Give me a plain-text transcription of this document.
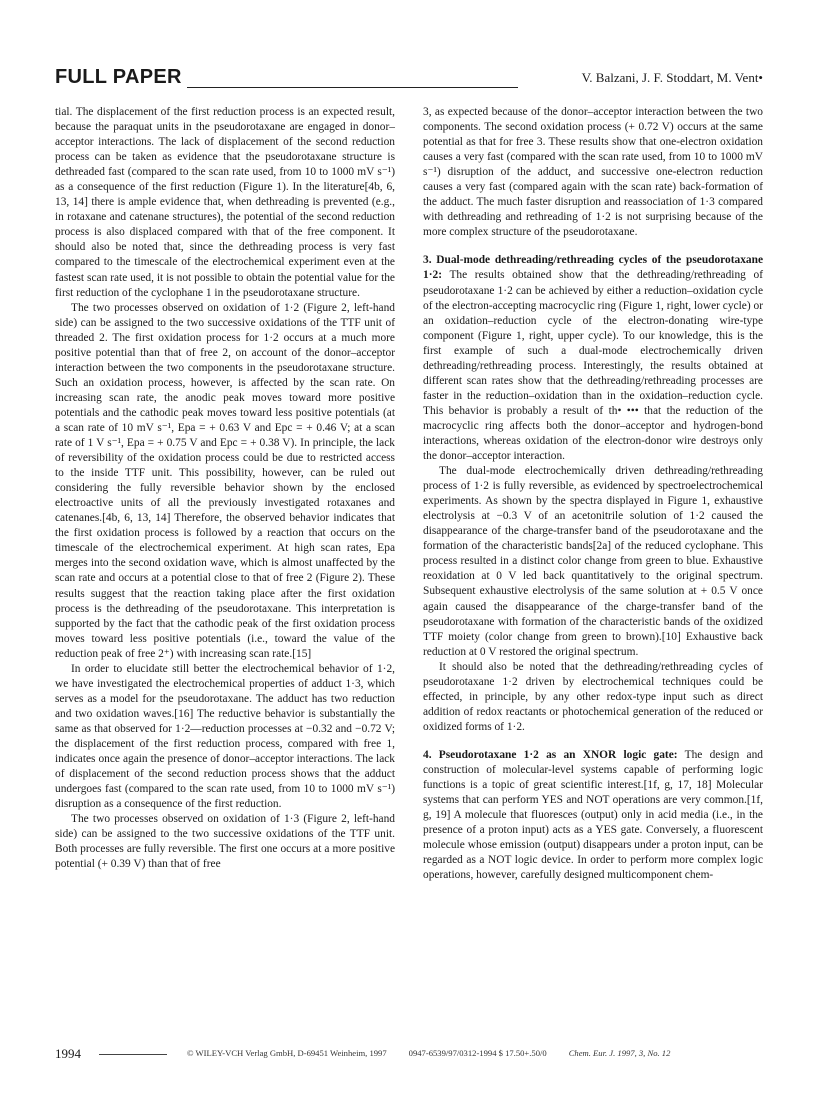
FULL PAPER	V. Balzani, J. F. Stoddart, M. Vent•

tial. The displacement of the first reduction process is an expected result, because the paraquat units in the pseudorotaxane are engaged in donor–acceptor interactions. The lack of displacement of the second reduction process can be taken as evidence that the pseudorotaxane structure is dethreaded fast (compared to the scan rate used, from 10 to 1000 mV s⁻¹) as a consequence of the first reduction (Figure 1). In the literature[4b, 6, 13, 14] there is ample evidence that, when dethreading is prevented (e.g., in rotaxane and catenane structures), the potential of the second reduction process is also displaced compared with that of the free component. It should also be noted that, since the dethreading process is very fast compared to the timescale of the electrochemical experiment even at the fastest scan rate used, it is not possible to obtain the potential value for the first reduction of the cyclophane 1 in the pseudorotaxane structure.

The two processes observed on oxidation of 1·2 (Figure 2, left-hand side) can be assigned to the two successive oxidations of the TTF unit of threaded 2. The first oxidation process for 1·2 occurs at a much more positive potential than that of free 2, on account of the donor–acceptor interaction between the two components in the pseudorotaxane structure. Such an oxidation process, however, is affected by the scan rate. On increasing scan rate, the anodic peak moves toward more positive potentials and the cathodic peak moves toward less positive potentials (at a scan rate of 10 mV s⁻¹, Epa = + 0.63 V and Epc = + 0.46 V; at a scan rate of 1 V s⁻¹, Epa = + 0.75 V and Epc = + 0.38 V). In principle, the lack of reversibility of the oxidation process could be due to restricted access to the inside TTF unit. This possibility, however, can be ruled out considering the fully reversible behavior shown by the enclosed electroactive units of all the previously investigated rotaxanes and catenanes.[4b, 6, 13, 14] Therefore, the observed behavior indicates that the first oxidation process is followed by a reaction that occurs on the timescale of the electrochemical experiment. At high scan rates, Epa merges into the second oxidation wave, which is almost unaffected by the scan rate and occurs at a potential close to that of free 2 (Figure 2). These results suggest that the reaction taking place after the first oxidation process is the dethreading of the pseudorotaxane. This interpretation is supported by the fact that the cathodic peak of the first oxidation process moves toward less positive potentials (i.e., toward the value of the reduction peak of free 2⁺) with increasing scan rate.[15]

In order to elucidate still better the electrochemical behavior of 1·2, we have investigated the electrochemical properties of adduct 1·3, which serves as a model for the pseudorotaxane. The adduct has two reduction and two oxidation waves.[16] The reductive behavior is substantially the same as that observed for 1·2—reduction processes at −0.32 and −0.72 V; the displacement of the first reduction process, compared with free 1, indicates once again the presence of donor–acceptor interactions. The lack of displacement of the second reduction process shows that the adduct undergoes fast (compared to the scan rate used, from 10 to 1000 mV s⁻¹) disruption as a consequence of the first reduction.

The two processes observed on oxidation of 1·3 (Figure 2, left-hand side) can be assigned to the two successive oxidations of the TTF unit. Both processes are fully reversible. The first one occurs at a more positive potential (+ 0.39 V) than that of free

3, as expected because of the donor–acceptor interaction between the two components. The second oxidation process (+ 0.72 V) occurs at the same potential as that for free 3. These results show that one-electron oxidation causes a very fast (compared with the scan rate used, from 10 to 1000 mV s⁻¹) disruption of the adduct, and successive one-electron reduction causes a very fast (compared again with the scan rate) back-formation of the adduct. The much faster disruption and reassociation of 1·3 compared with dethreading and rethreading of 1·2 is not surprising because of the more complex structure of the pseudorotaxane.

3. Dual-mode dethreading/rethreading cycles of the pseudorotaxane 1·2: The results obtained show that the dethreading/rethreading of pseudorotaxane 1·2 can be achieved by either a reduction–oxidation cycle of the electron-accepting macrocyclic ring (Figure 1, right, lower cycle) or an oxidation–reduction cycle of the electron-donating wire-type component (Figure 1, right, upper cycle). To our knowledge, this is the first example of such a dual-mode electrochemically driven dethreading/rethreading process. Interestingly, the results obtained at different scan rates show that the dethreading/rethreading processes are faster in the reduction–oxidation than in the oxidation–reduction cycle. This behavior is probably a result of th• ••• that the reduction of the macrocyclic ring affects both the donor–acceptor and hydrogen-bond interactions, whereas oxidation of the electron-donor wire destroys only the donor–acceptor interaction.

The dual-mode electrochemically driven dethreading/rethreading process of 1·2 is fully reversible, as evidenced by spectroelectrochemical experiments. As shown by the spectra displayed in Figure 1, exhaustive electrolysis at −0.3 V of an acetonitrile solution of 1·2 caused the disappearance of the charge-transfer band of the pseudorotaxane and the formation of the characteristic bands[2a] of the reduced cyclophane. This process resulted in a distinct color change from green to blue. Exhaustive reoxidation at 0 V led back quantitatively to the original spectrum. Subsequent exhaustive electrolysis of the same solution at + 0.5 V once again caused the disappearance of the charge-transfer band of the pseudorotaxane with formation of the characteristic bands of the oxidized TTF moiety (color change from green to brown).[10] Exhaustive back reduction at 0 V restored the original spectrum.

It should also be noted that the dethreading/rethreading cycles of pseudorotaxane 1·2 driven by electrochemical techniques could be effected, in principle, by any other redox-type input such as direct addition of redox reactants or photochemical generation of the reduced or oxidized forms of 1·2.

4. Pseudorotaxane 1·2 as an XNOR logic gate: The design and construction of molecular-level systems capable of performing logic functions is a topic of great scientific interest.[1f, g, 17, 18] Molecular systems that can perform YES and NOT operations are very common.[1f, g, 19] A molecule that fluoresces (output) only in acid media (i.e., in the presence of a proton input) acts as a YES gate. Conversely, a fluorescent molecule whose emission (output) disappears under a proton input, can be regarded as a NOT logic device. In order to perform more complex logic operations, however, carefully designed multicomponent chem-

1994	© WILEY-VCH Verlag GmbH, D-69451 Weinheim, 1997	0947-6539/97/0312-1994 $ 17.50+.50/0	Chem. Eur. J. 1997, 3, No. 12
